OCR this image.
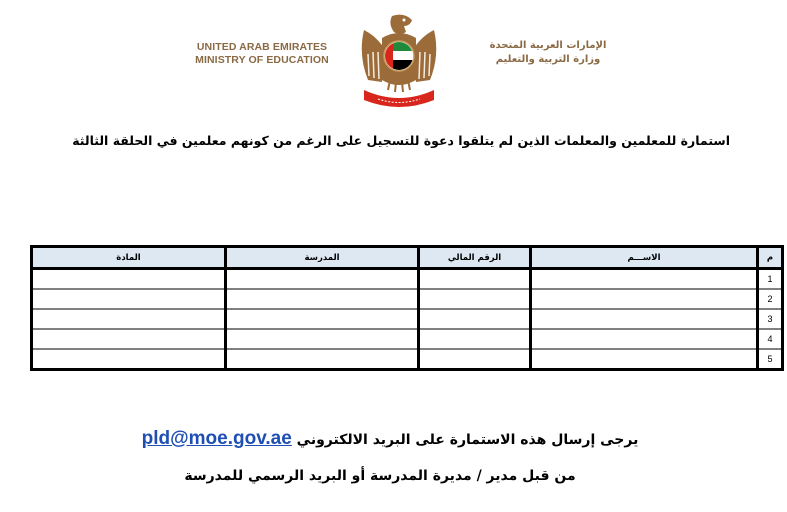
UNITED ARAB EMIRATES
MINISTRY OF EDUCATION
الإمارات العربية المتحدة
وزارة التربية والتعليم
استمارة للمعلمين والمعلمات الذين لم يتلقوا دعوة للتسجيل على الرغم من كونهم معلمين في الحلقة الثالثة
م	الاســـم	الرقم المالي	المدرسة	المادة
1				
2				
3				
4				
5				
يرجى إرسال هذه الاستمارة على البريد الالكتروني pld@moe.gov.ae
من قبل مدير / مديرة المدرسة أو البريد الرسمي للمدرسة
